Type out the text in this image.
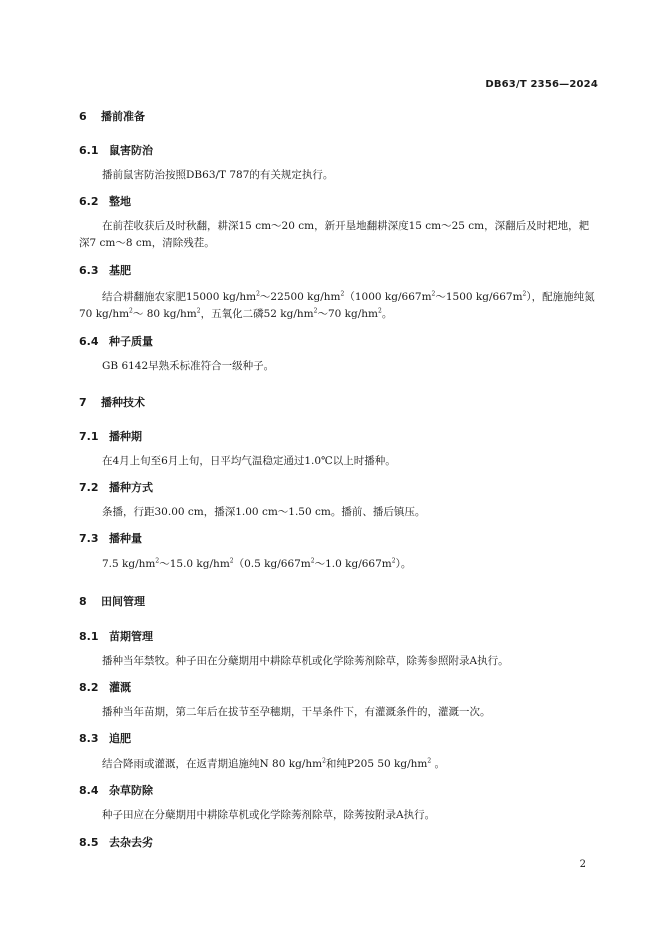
DB63/T 2356—2024
6 播前准备
6.1 鼠害防治
播前鼠害防治按照DB63/T 787的有关规定执行。
6.2 整地
在前茬收获后及时秋翻，耕深15 cm～20 cm，新开垦地翻耕深度15 cm～25 cm，深翻后及时耙地，耙深7 cm～8 cm，清除残茬。
6.3 基肥
结合耕翻施农家肥15000 $kg/hm^2\sim 22500$ $kg/hm^2(1000$ $kg/667m^2\sim 1500$ $kg/667m^2$），配施施纯氮70 $kg/hm^2\sim$ 80 $kg/hm^2$，五氧化二磷52 $kg/hm^2\sim 70$ $kg/hm^2$。
6.4 种子质量
GB 6142早熟禾标准符合一级种子。
7 播种技术
7.1 播种期
在4月上旬至6月上旬，日平均气温稳定通过1.0℃以上时播种。
7.2 播种方式
条播，行距30.00 cm，播深1.00 cm～1.50 cm。播前、播后镇压。
7.3 播种量
7.5 $kg/hm^2\sim 15.0$ $kg/hm^2(0.5$ $kg/667m^2\sim 1.0$ $kg/667m^2$）。
8 田间管理
8.1 苗期管理
播种当年禁牧。种子田在分蘖期用中耕除草机或化学除莠剂除草，除莠参照附录A执行。
8.2 灌溉
播种当年苗期，第二年后在拔节至孕穗期，干旱条件下，有灌溉条件的，灌溉一次。
8.3 追肥
结合降雨或灌溉，在返青期追施纯N 80 $kg/hm^2$和纯P205 50 $kg/hm^2$ 。
8.4 杂草防除
种子田应在分蘖期用中耕除草机或化学除莠剂除草，除莠按附录A执行。
8.5 去杂去劣
2
